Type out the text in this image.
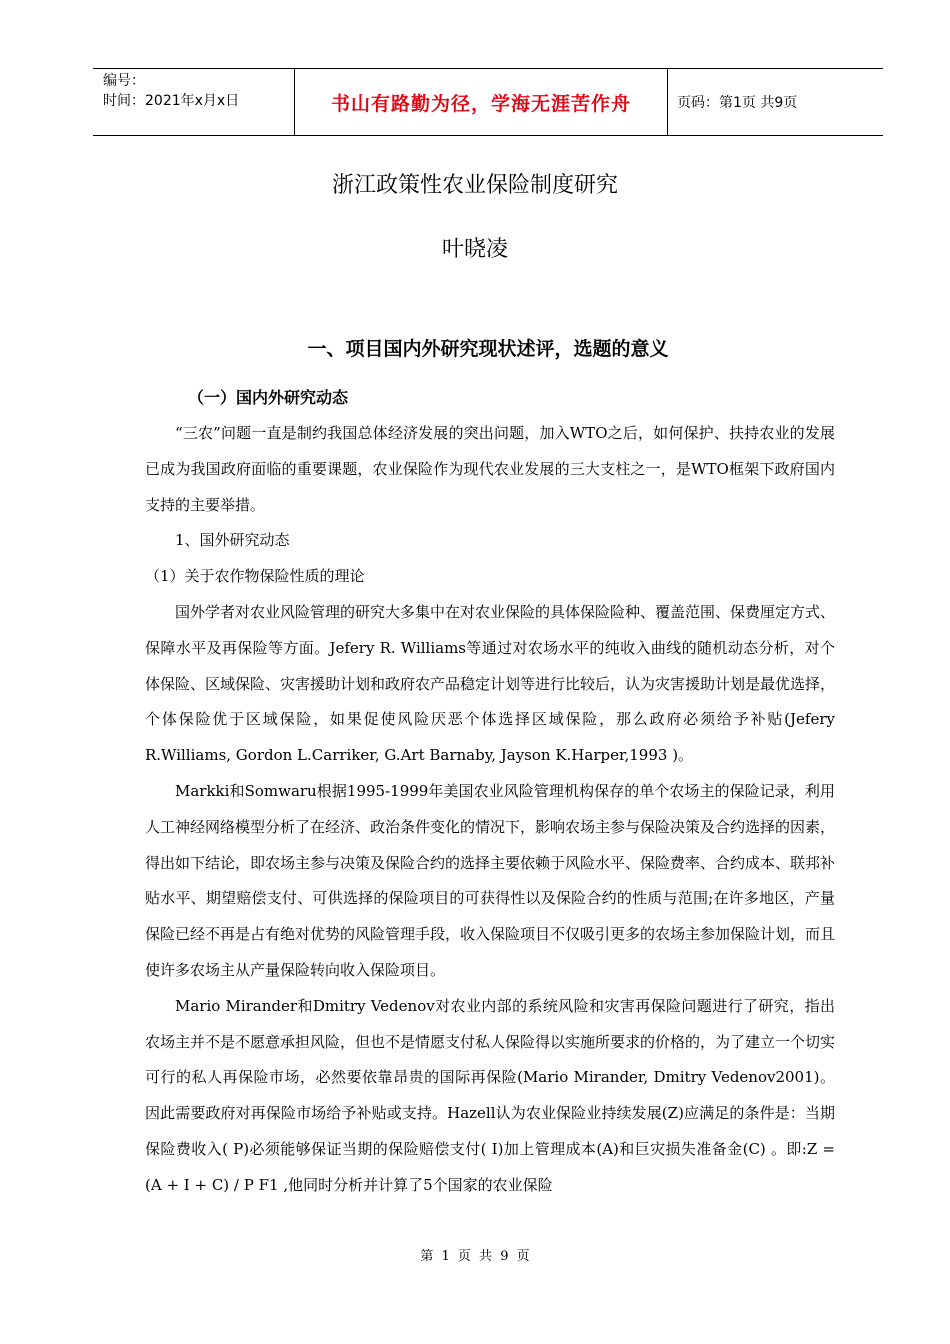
编号：
时间：2021年x月x日	书山有路勤为径，学海无涯苦作舟	页码：第1页 共9页
浙江政策性农业保险制度研究
叶晓凌
一、项目国内外研究现状述评，选题的意义
（一）国内外研究动态

“三农”问题一直是制约我国总体经济发展的突出问题，加入WTO之后，如何保护、扶持农业的发展已成为我国政府面临的重要课题，农业保险作为现代农业发展的三大支柱之一，是WTO框架下政府国内支持的主要举措。

1、国外研究动态

（1）关于农作物保险性质的理论

国外学者对农业风险管理的研究大多集中在对农业保险的具体保险险种、覆盖范围、保费厘定方式、保障水平及再保险等方面。Jefery R. Williams等通过对农场水平的纯收入曲线的随机动态分析，对个体保险、区域保险、灾害援助计划和政府农产品稳定计划等进行比较后，认为灾害援助计划是最优选择，个体保险优于区域保险，如果促使风险厌恶个体选择区域保险，那么政府必须给予补贴(Jefery R.Williams, Gordon L.Carriker, G.Art Barnaby, Jayson K.Harper,1993 )。

Markki和Somwaru根据1995-1999年美国农业风险管理机构保存的单个农场主的保险记录，利用人工神经网络模型分析了在经济、政治条件变化的情况下，影响农场主参与保险决策及合约选择的因素，得出如下结论，即农场主参与决策及保险合约的选择主要依赖于风险水平、保险费率、合约成本、联邦补贴水平、期望赔偿支付、可供选择的保险项目的可获得性以及保险合约的性质与范围;在许多地区，产量保险已经不再是占有绝对优势的风险管理手段，收入保险项目不仅吸引更多的农场主参加保险计划，而且使许多农场主从产量保险转向收入保险项目。

Mario Mirander和Dmitry Vedenov对农业内部的系统风险和灾害再保险问题进行了研究，指出农场主并不是不愿意承担风险，但也不是情愿支付私人保险得以实施所要求的价格的，为了建立一个切实可行的私人再保险市场，必然要依靠昂贵的国际再保险(Mario Mirander, Dmitry Vedenov2001)。因此需要政府对再保险市场给予补贴或支持。Hazell认为农业保险业持续发展(Z)应满足的条件是：当期保险费收入( P)必须能够保证当期的保险赔偿支付( I)加上管理成本(A)和巨灾损失准备金(C) 。即:Z = (A + I + C) / P F1 ,他同时分析并计算了5个国家的农业保险

第 1 页 共 9 页
